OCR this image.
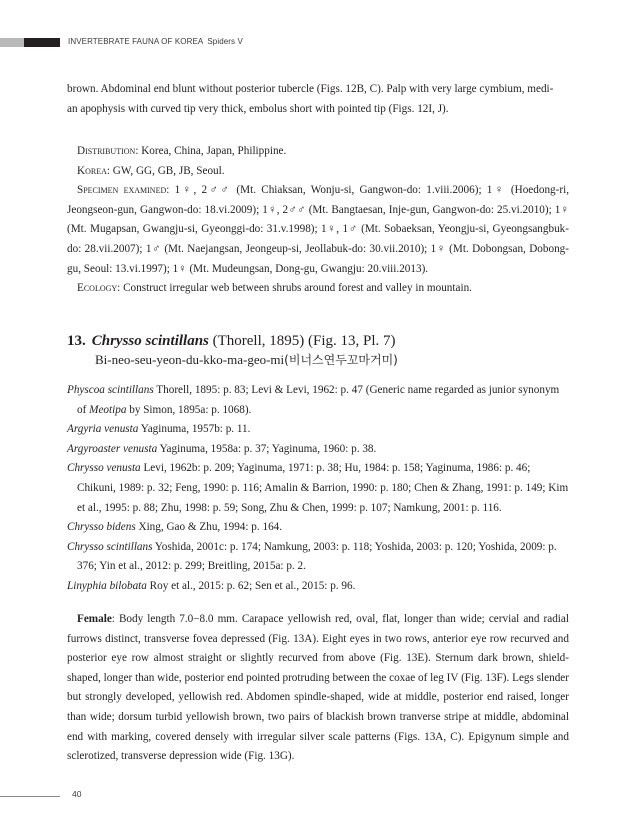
INVERTEBRATE FAUNA OF KOREA Spiders V

brown. Abdominal end blunt without posterior tubercle (Figs. 12B, C). Palp with very large cymbium, medi-

an apophysis with curved tip very thick, embolus short with pointed tip (Figs. 12I, J).

Distribution: Korea, China, Japan, Philippine.

Korea: GW, GG, GB, JB, Seoul.

Specimen examined: 1♀, 2♂♂ (Mt. Chiaksan, Wonju-si, Gangwon-do: 1.viii.2006); 1♀ (Hoedong-ri, Jeongseon-gun, Gangwon-do: 18.vi.2009); 1♀, 2♂♂ (Mt. Bangtaesan, Inje-gun, Gangwon-do: 25.vi.2010); 1♀ (Mt. Mugapsan, Gwangju-si, Gyeonggi-do: 31.v.1998); 1♀, 1♂ (Mt. Sobaeksan, Yeongju-si, Gyeongsangbuk-do: 28.vii.2007); 1♂ (Mt. Naejangsan, Jeongeup-si, Jeollabuk-do: 30.vii.2010); 1♀ (Mt. Dobongsan, Dobong-gu, Seoul: 13.vi.1997); 1♀ (Mt. Mudeungsan, Dong-gu, Gwangju: 20.viii.2013).

Ecology: Construct irregular web between shrubs around forest and valley in mountain.

13. Chrysso scintillans (Thorell, 1895) (Fig. 13, Pl. 7)
Bi-neo-seu-yeon-du-kko-ma-geo-mi(비너스연두꼬마거미)

Physcoa scintillans Thorell, 1895: p. 83; Levi & Levi, 1962: p. 47 (Generic name regarded as junior synonym of Meotipa by Simon, 1895a: p. 1068).

Argyria venusta Yaginuma, 1957b: p. 11.

Argyroaster venusta Yaginuma, 1958a: p. 37; Yaginuma, 1960: p. 38.

Chrysso venusta Levi, 1962b: p. 209; Yaginuma, 1971: p. 38; Hu, 1984: p. 158; Yaginuma, 1986: p. 46; Chikuni, 1989: p. 32; Feng, 1990: p. 116; Amalin & Barrion, 1990: p. 180; Chen & Zhang, 1991: p. 149; Kim et al., 1995: p. 88; Zhu, 1998: p. 59; Song, Zhu & Chen, 1999: p. 107; Namkung, 2001: p. 116.

Chrysso bidens Xing, Gao & Zhu, 1994: p. 164.

Chrysso scintillans Yoshida, 2001c: p. 174; Namkung, 2003: p. 118; Yoshida, 2003: p. 120; Yoshida, 2009: p. 376; Yin et al., 2012: p. 299; Breitling, 2015a: p. 2.

Linyphia bilobata Roy et al., 2015: p. 62; Sen et al., 2015: p. 96.

Female: Body length 7.0−8.0 mm. Carapace yellowish red, oval, flat, longer than wide; cervial and radial furrows distinct, transverse fovea depressed (Fig. 13A). Eight eyes in two rows, anterior eye row recurved and posterior eye row almost straight or slightly recurved from above (Fig. 13E). Sternum dark brown, shield-shaped, longer than wide, posterior end pointed protruding between the coxae of leg IV (Fig. 13F). Legs slender but strongly developed, yellowish red. Abdomen spindle-shaped, wide at middle, posterior end raised, longer than wide; dorsum turbid yellowish brown, two pairs of blackish brown tranverse stripe at middle, abdominal end with marking, covered densely with irregular silver scale patterns (Figs. 13A, C). Epigynum simple and sclerotized, transverse depression wide (Fig. 13G).

40
